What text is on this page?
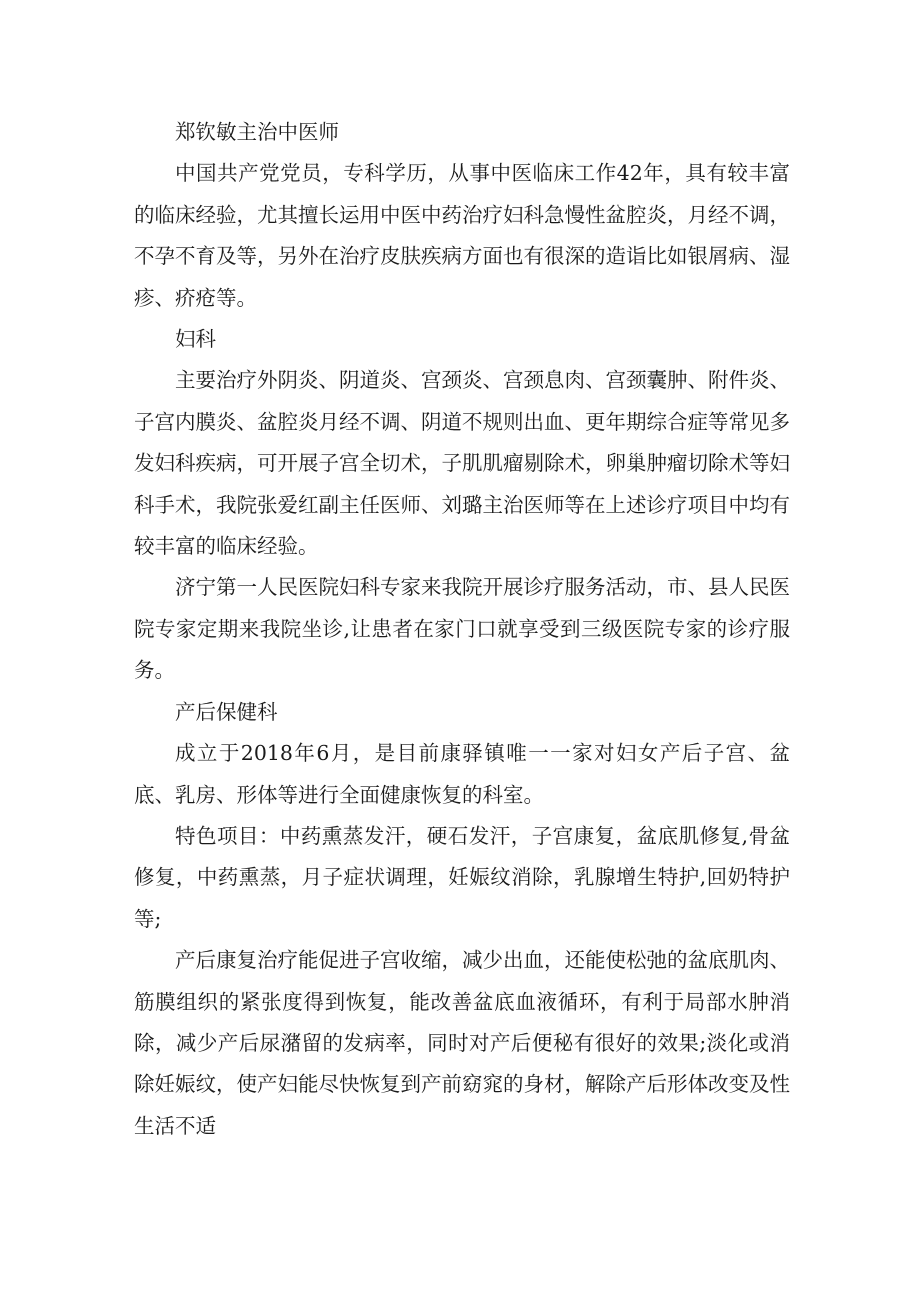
郑钦敏主治中医师

中国共产党党员，专科学历，从事中医临床工作42年，具有较丰富的临床经验，尤其擅长运用中医中药治疗妇科急慢性盆腔炎，月经不调，不孕不育及等，另外在治疗皮肤疾病方面也有很深的造诣比如银屑病、湿疹、疥疮等。

妇科

主要治疗外阴炎、阴道炎、宫颈炎、宫颈息肉、宫颈囊肿、附件炎、子宫内膜炎、盆腔炎月经不调、阴道不规则出血、更年期综合症等常见多发妇科疾病，可开展子宫全切术，子肌肌瘤剔除术，卵巢肿瘤切除术等妇科手术，我院张爱红副主任医师、刘璐主治医师等在上述诊疗项目中均有较丰富的临床经验。

济宁第一人民医院妇科专家来我院开展诊疗服务活动，市、县人民医院专家定期来我院坐诊,让患者在家门口就享受到三级医院专家的诊疗服务。

产后保健科

成立于2018年6月，是目前康驿镇唯一一家对妇女产后子宫、盆底、乳房、形体等进行全面健康恢复的科室。

特色项目：中药熏蒸发汗，硬石发汗，子宫康复，盆底肌修复,骨盆修复，中药熏蒸，月子症状调理，妊娠纹消除，乳腺增生特护,回奶特护等;

产后康复治疗能促进子宫收缩，减少出血，还能使松弛的盆底肌肉、筋膜组织的紧张度得到恢复，能改善盆底血液循环，有利于局部水肿消除，减少产后尿潴留的发病率，同时对产后便秘有很好的效果;淡化或消除妊娠纹，使产妇能尽快恢复到产前窈窕的身材，解除产后形体改变及性生活不适
